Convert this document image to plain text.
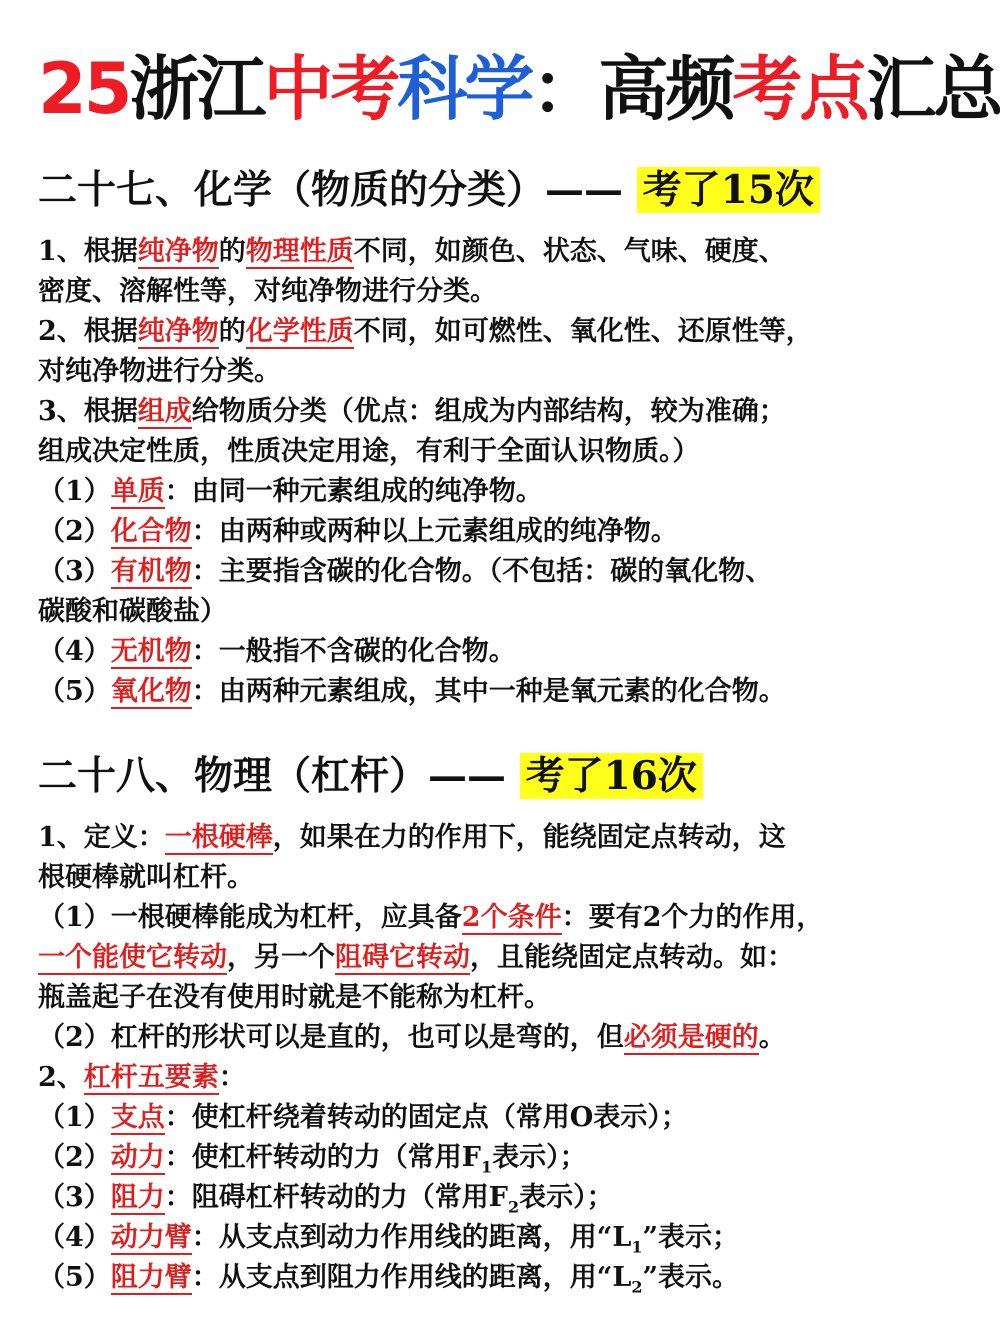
25浙江中考科学：高频考点汇总
二十七、化学（物质的分类）—— 考了15次

1、根据纯净物的物理性质不同，如颜色、状态、气味、硬度、

密度、溶解性等，对纯净物进行分类。

2、根据纯净物的化学性质不同，如可燃性、氧化性、还原性等，

对纯净物进行分类。

3、根据组成给物质分类（优点：组成为内部结构，较为准确；

组成决定性质，性质决定用途，有利于全面认识物质。）

（1）单质：由同一种元素组成的纯净物。

（2）化合物：由两种或两种以上元素组成的纯净物。

（3）有机物：主要指含碳的化合物。（不包括：碳的氧化物、

碳酸和碳酸盐）

（4）无机物：一般指不含碳的化合物。

（5）氧化物：由两种元素组成，其中一种是氧元素的化合物。

二十八、物理（杠杆）—— 考了16次

1、定义：一根硬棒，如果在力的作用下，能绕固定点转动，这

根硬棒就叫杠杆。

（1）一根硬棒能成为杠杆，应具备2个条件：要有2个力的作用，

一个能使它转动，另一个阻碍它转动，且能绕固定点转动。如：

瓶盖起子在没有使用时就是不能称为杠杆。

（2）杠杆的形状可以是直的，也可以是弯的，但必须是硬的。

2、杠杆五要素：

（1）支点：使杠杆绕着转动的固定点（常用O表示）；

（2）动力：使杠杆转动的力（常用$F_1$表示）；

（3）阻力：阻碍杠杆转动的力（常用$F_2$表示）；

（4）动力臂：从支点到动力作用线的距离，用“$L_1$”表示；

（5）阻力臂：从支点到阻力作用线的距离，用“$L_2$”表示。
